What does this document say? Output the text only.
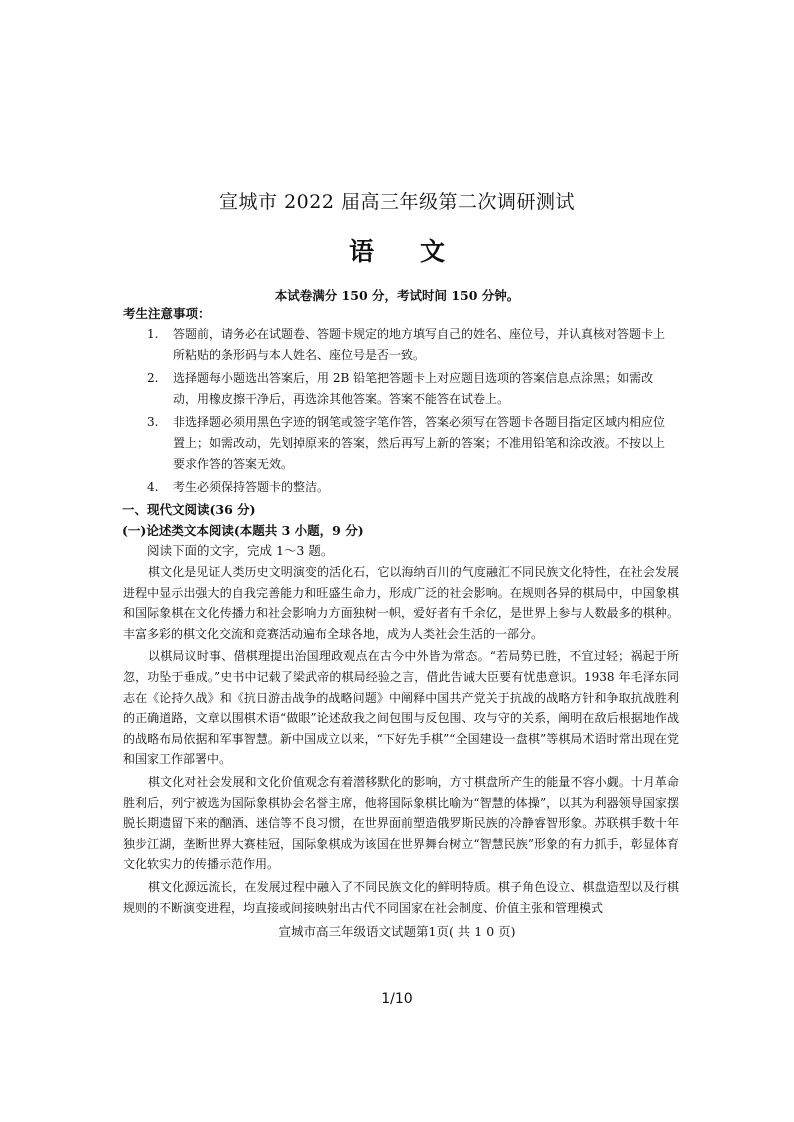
宣城市 2022 届高三年级第二次调研测试
语文
本试卷满分 150 分，考试时间 150 分钟。
考生注意事项：
1. 答题前，请务必在试题卷、答题卡规定的地方填写自己的姓名、座位号，并认真核对答题卡上所粘贴的条形码与本人姓名、座位号是否一致。
2. 选择题每小题选出答案后，用 2B 铅笔把答题卡上对应题目选项的答案信息点涂黑；如需改动，用橡皮擦干净后，再选涂其他答案。答案不能答在试卷上。
3. 非选择题必须用黑色字迹的钢笔或签字笔作答，答案必须写在答题卡各题目指定区域内相应位置上；如需改动，先划掉原来的答案，然后再写上新的答案；不准用铅笔和涂改液。不按以上要求作答的答案无效。
4. 考生必须保持答题卡的整洁。
一、现代文阅读(36 分)
(一)论述类文本阅读(本题共 3 小题，9 分)
阅读下面的文字，完成 1～3 题。

棋文化是见证人类历史文明演变的活化石，它以海纳百川的气度融汇不同民族文化特性，在社会发展进程中显示出强大的自我完善能力和旺盛生命力，形成广泛的社会影响。在规则各异的棋局中，中国象棋和国际象棋在文化传播力和社会影响力方面独树一帜，爱好者有千余亿，是世界上参与人数最多的棋种。丰富多彩的棋文化交流和竞赛活动遍布全球各地，成为人类社会生活的一部分。

以棋局议时事、借棋理提出治国理政观点在古今中外皆为常态。“若局势已胜，不宜过轻；祸起于所忽，功坠于垂成。”史书中记载了梁武帝的棋局经验之言，借此告诫大臣要有忧患意识。1938 年毛泽东同志在《论持久战》和《抗日游击战争的战略问题》中阐释中国共产党关于抗战的战略方针和争取抗战胜利的正确道路，文章以围棋术语“做眼”论述敌我之间包围与反包围、攻与守的关系，阐明在敌后根据地作战的战略布局依据和军事智慧。新中国成立以来，“下好先手棋”“全国建设一盘棋”等棋局术语时常出现在党和国家工作部署中。

棋文化对社会发展和文化价值观念有着潜移默化的影响，方寸棋盘所产生的能量不容小觑。十月革命胜利后，列宁被选为国际象棋协会名誉主席，他将国际象棋比喻为“智慧的体操”，以其为利器领导国家摆脱长期遗留下来的酗酒、迷信等不良习惯，在世界面前塑造俄罗斯民族的冷静睿智形象。苏联棋手数十年独步江湖，垄断世界大赛桂冠，国际象棋成为该国在世界舞台树立“智慧民族”形象的有力抓手，彰显体育文化软实力的传播示范作用。

棋文化源远流长，在发展过程中融入了不同民族文化的鲜明特质。棋子角色设立、棋盘造型以及行棋规则的不断演变进程，均直接或间接映射出古代不同国家在社会制度、价值主张和管理模式

宣城市高三年级语文试题第1页( 共 1 0 页)
1/10
